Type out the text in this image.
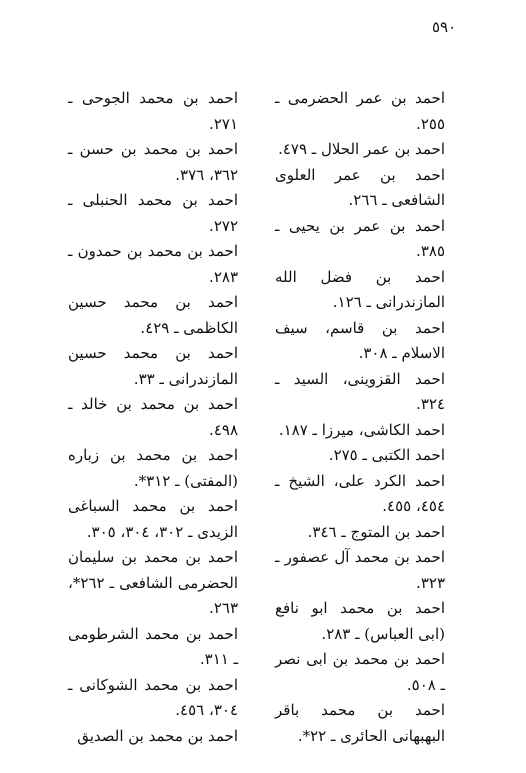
٥٩٠

احمد بن عمر الحضرمی ـ ٢٥٥.

احمد بن عمر الحلال ـ ٤٧٩.

احمد بن عمر العلوی الشافعی ـ ٢٦٦.

احمد بن عمر بن یحیی ـ ٣٨٥.

احمد بن فضل الله المازندرانی ـ ١٢٦.

احمد بن قاسم، سیف الاسلام ـ ٣٠٨.

احمد القزوینی، السید ـ ٣٢٤.

احمد الکاشی، میرزا ـ ١٨٧.

احمد الکتبی ـ ٢٧٥.

احمد الکرد علی، الشیخ ـ ٤٥٤، ٤٥٥.

احمد بن المتوج ـ ٣٤٦.

احمد بن محمد آل عصفور ـ ٣٢٣.

احمد بن محمد ابو نافع (ابی العباس) ـ ٢٨٣.

احمد بن محمد بن ابی نصر ـ ٥٠٨.

احمد بن محمد باقر البهبهانی الحائری ـ ٢٢*.

احمد بن محمد الجوحی ـ ٢٧١.

احمد بن محمد بن حسن ـ ٣٦٢، ٣٧٦.

احمد بن محمد الحنبلی ـ ٢٧٢.

احمد بن محمد بن حمدون ـ ٢٨٣.

احمد بن محمد حسین الکاظمی ـ ٤٢٩.

احمد بن محمد حسین المازندرانی ـ ٣٣.

احمد بن محمد بن خالد ـ ٤٩٨.

احمد بن محمد بن زباره (المفتی) ـ ٣١٢*.

احمد بن محمد السباغی الزیدی ـ ٣٠٢، ٣٠٤، ٣٠٥.

احمد بن محمد بن سلیمان الحضرمی الشافعی ـ ٢٦٢*، ٢٦٣.

احمد بن محمد الشرطومی ـ ٣١١.

احمد بن محمد الشوکانی ـ ٣٠٤، ٤٥٦.

احمد بن محمد بن الصدیق
